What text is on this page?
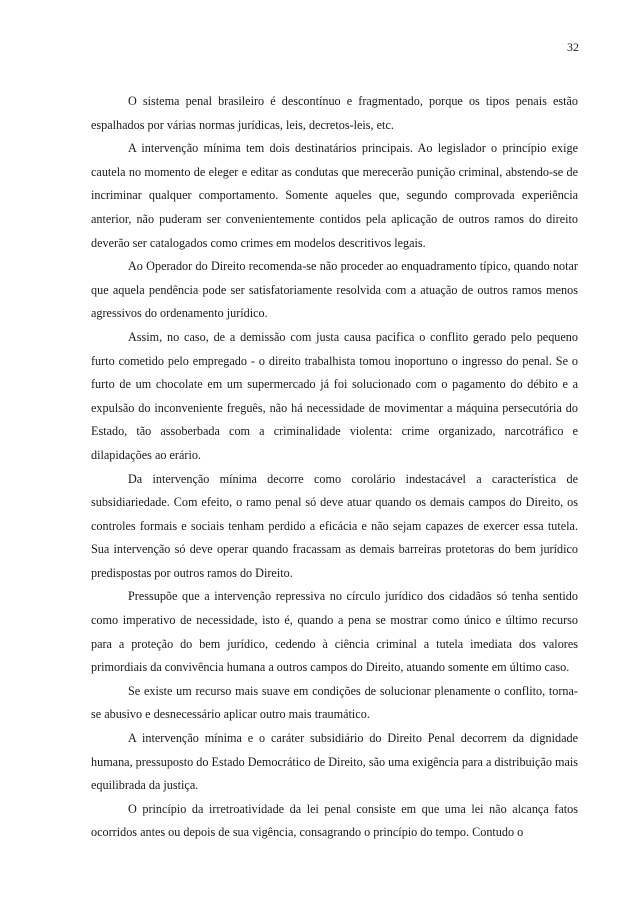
32

O sistema penal brasileiro é descontínuo e fragmentado, porque os tipos penais estão espalhados por várias normas jurídicas, leis, decretos-leis, etc.

A intervenção mínima tem dois destinatários principais. Ao legislador o princípio exige cautela no momento de eleger e editar as condutas que merecerão punição criminal, abstendo-se de incriminar qualquer comportamento. Somente aqueles que, segundo comprovada experiência anterior, não puderam ser convenientemente contidos pela aplicação de outros ramos do direito deverão ser catalogados como crimes em modelos descritivos legais.

Ao Operador do Direito recomenda-se não proceder ao enquadramento típico, quando notar que aquela pendência pode ser satisfatoriamente resolvida com a atuação de outros ramos menos agressivos do ordenamento jurídico.

Assim, no caso, de a demissão com justa causa pacifica o conflito gerado pelo pequeno furto cometido pelo empregado - o direito trabalhista tomou inoportuno o ingresso do penal. Se o furto de um chocolate em um supermercado já foi solucionado com o pagamento do débito e a expulsão do inconveniente freguês, não há necessidade de movimentar a máquina persecutória do Estado, tão assoberbada com a criminalidade violenta: crime organizado, narcotráfico e dilapidações ao erário.

Da intervenção mínima decorre como corolário indestacável a característica de subsidiariedade. Com efeito, o ramo penal só deve atuar quando os demais campos do Direito, os controles formais e sociais tenham perdido a eficácia e não sejam capazes de exercer essa tutela. Sua intervenção só deve operar quando fracassam as demais barreiras protetoras do bem jurídico predispostas por outros ramos do Direito.

Pressupõe que a intervenção repressiva no círculo jurídico dos cidadãos só tenha sentido como imperativo de necessidade, isto é, quando a pena se mostrar como único e último recurso para a proteção do bem jurídico, cedendo à ciência criminal a tutela imediata dos valores primordiais da convivência humana a outros campos do Direito, atuando somente em último caso.

Se existe um recurso mais suave em condições de solucionar plenamente o conflito, torna-se abusivo e desnecessário aplicar outro mais traumático.

A intervenção mínima e o caráter subsidiário do Direito Penal decorrem da dignidade humana, pressuposto do Estado Democrático de Direito, são uma exigência para a distribuição mais equilibrada da justiça.

O princípio da irretroatividade da lei penal consiste em que uma lei não alcança fatos ocorridos antes ou depois de sua vigência, consagrando o princípio do tempo. Contudo o
